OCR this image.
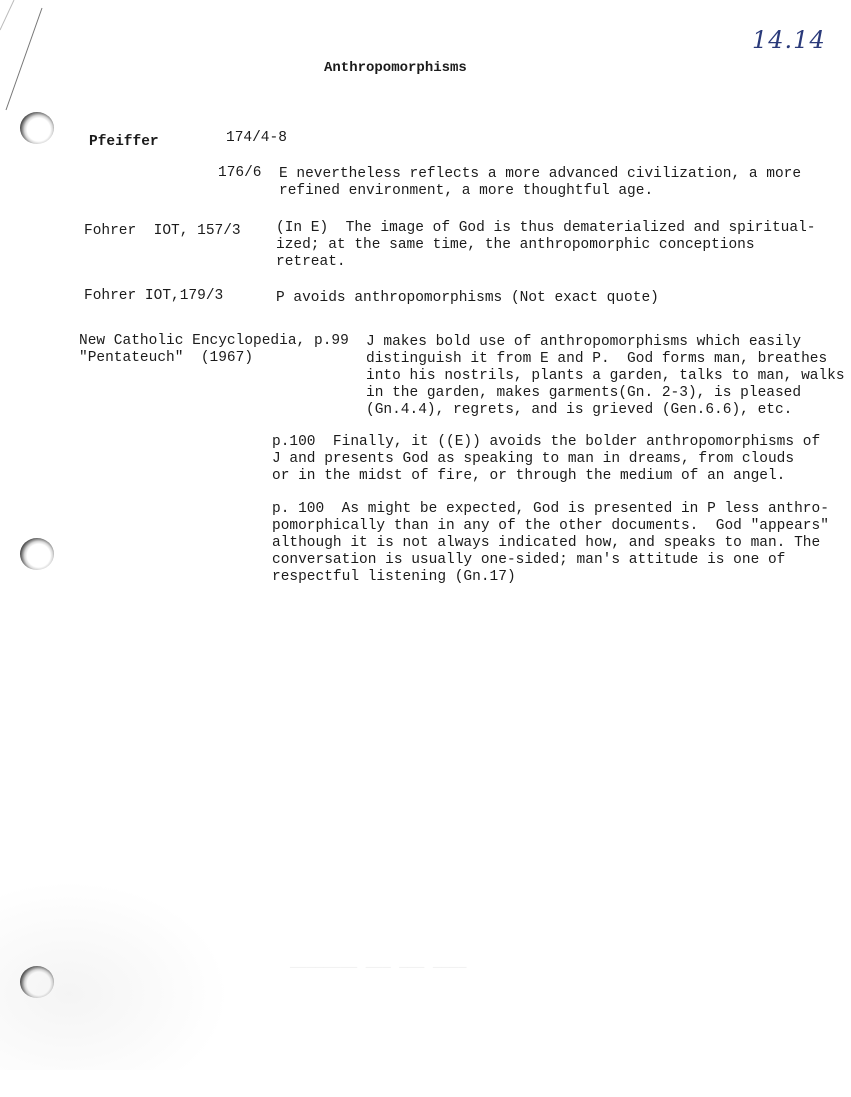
____ ___ ___ ________
14.14
Anthropomorphisms
Pfeiffer	174/4-8
176/6 E nevertheless reflects a more advanced civilization, a more
refined environment, a more thoughtful age.
Fohrer  IOT, 157/3 (In E)  The image of God is thus dematerialized and spiritual-
ized; at the same time, the anthropomorphic conceptions
retreat.
Fohrer IOT,179/3	P avoids anthropomorphisms (Not exact quote)
New Catholic Encyclopedia,
"Pentateuch"  (1967)
p.99 J makes bold use of anthropomorphisms which easily
distinguish it from E and P.  God forms man, breathes
into his nostrils, plants a garden, talks to man, walks
in the garden, makes garments(Gn. 2-3), is pleased
(Gn.4.4), regrets, and is grieved (Gen.6.6), etc.
p.100  Finally, it ((E)) avoids the bolder anthropomorphisms of
J and presents God as speaking to man in dreams, from clouds
or in the midst of fire, or through the medium of an angel.
p. 100  As might be expected, God is presented in P less anthro-
pomorphically than in any of the other documents.  God "appears"
although it is not always indicated how, and speaks to man. The
conversation is usually one-sided; man's attitude is one of
respectful listening (Gn.17)
